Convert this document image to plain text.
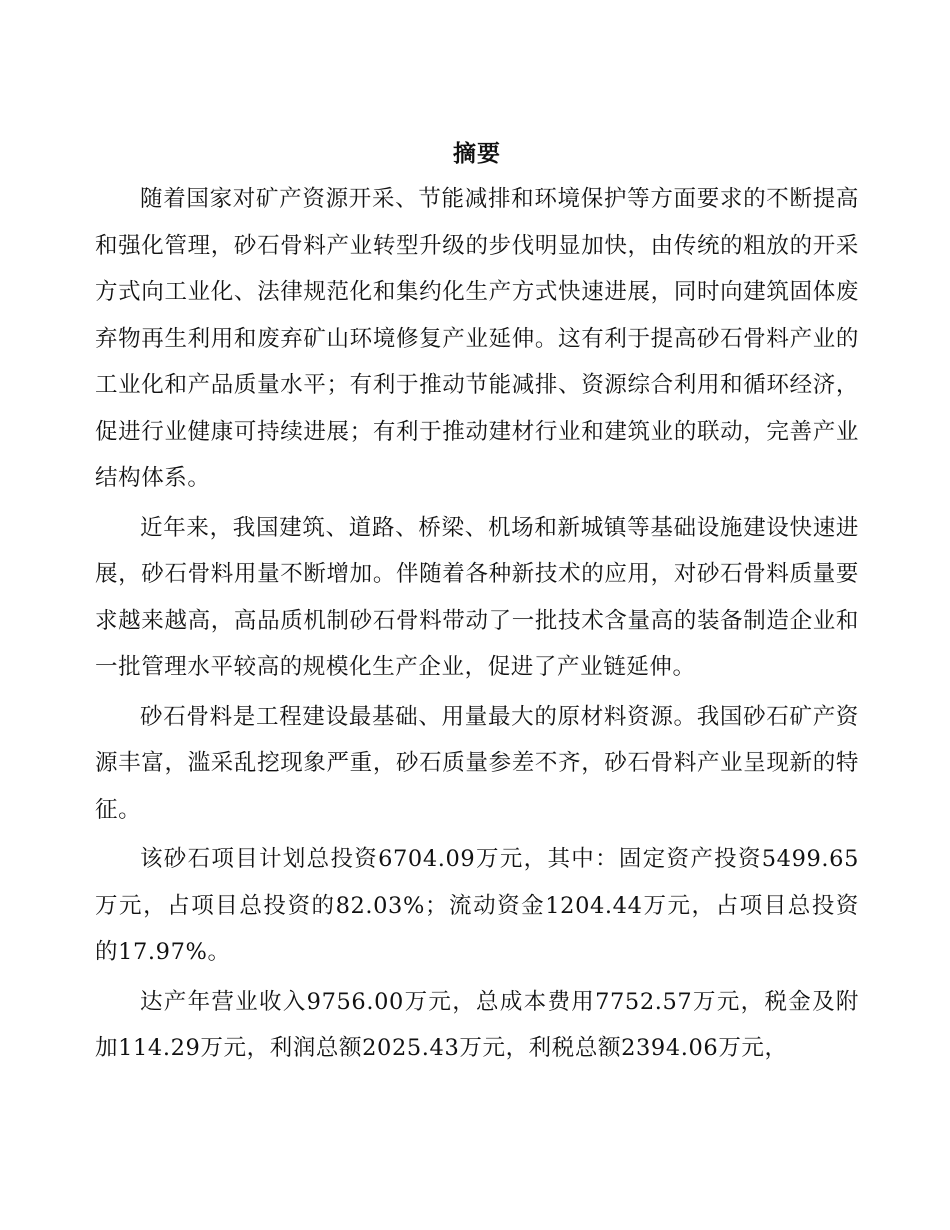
摘要

随着国家对矿产资源开采、节能减排和环境保护等方面要求的不断提高和强化管理，砂石骨料产业转型升级的步伐明显加快，由传统的粗放的开采方式向工业化、法律规范化和集约化生产方式快速进展，同时向建筑固体废弃物再生利用和废弃矿山环境修复产业延伸。这有利于提高砂石骨料产业的工业化和产品质量水平；有利于推动节能减排、资源综合利用和循环经济，促进行业健康可持续进展；有利于推动建材行业和建筑业的联动，完善产业结构体系。

近年来，我国建筑、道路、桥梁、机场和新城镇等基础设施建设快速进展，砂石骨料用量不断增加。伴随着各种新技术的应用，对砂石骨料质量要求越来越高，高品质机制砂石骨料带动了一批技术含量高的装备制造企业和一批管理水平较高的规模化生产企业，促进了产业链延伸。

砂石骨料是工程建设最基础、用量最大的原材料资源。我国砂石矿产资源丰富，滥采乱挖现象严重，砂石质量参差不齐，砂石骨料产业呈现新的特征。

该砂石项目计划总投资6704.09万元，其中：固定资产投资5499.65万元，占项目总投资的82.03%；流动资金1204.44万元，占项目总投资的17.97%。

达产年营业收入9756.00万元，总成本费用7752.57万元，税金及附加114.29万元，利润总额2025.43万元，利税总额2394.06万元，
